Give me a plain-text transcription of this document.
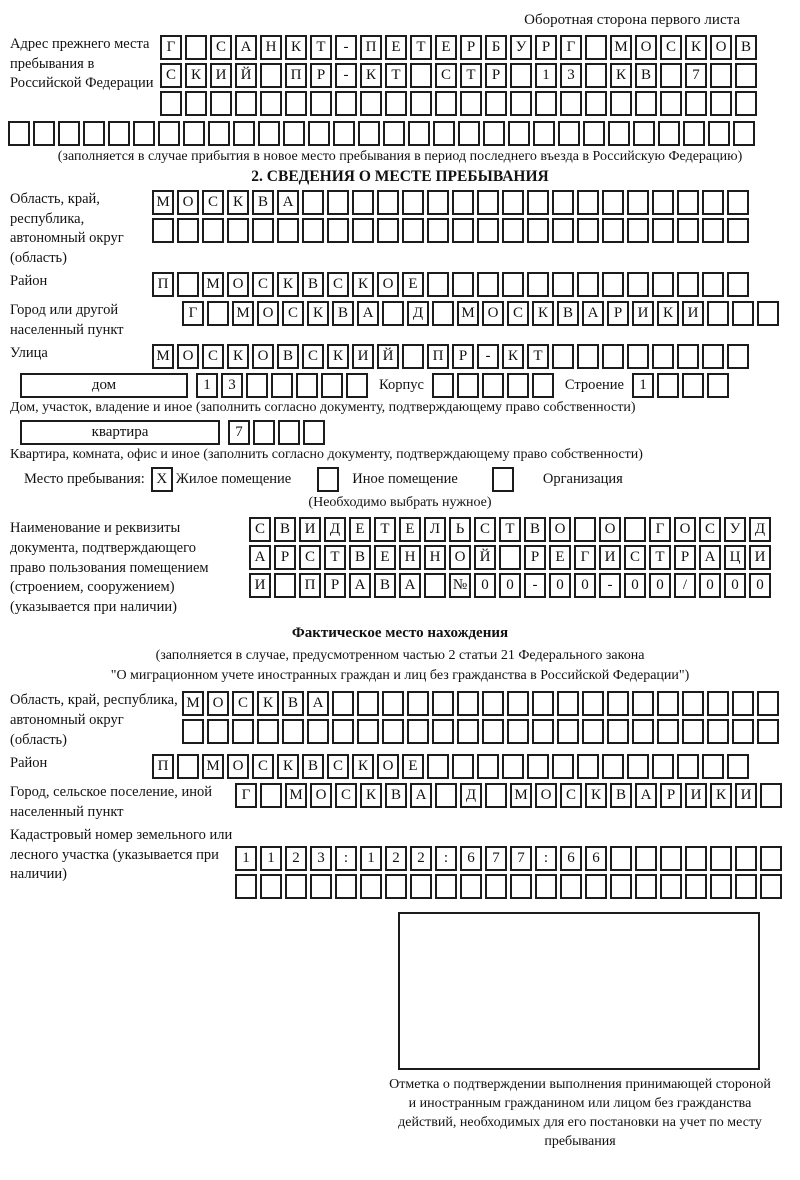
Оборотная сторона первого листа
Адрес прежнего места пребывания в Российской Федерации
Г	С А Н К	Т	-	П Е	Т	Е	Р	Б	У	Р	Г	М О С К О В
С К И Й	П	Р	-	К	Т	С	Т	Р	1	3	К В	7
(заполняется в случае прибытия в новое место пребывания в период последнего въезда в Российскую Федерацию)
2. СВЕДЕНИЯ О МЕСТЕ ПРЕБЫВАНИЯ
Область, край, республика, автономный округ (область)
М О С К В А
Район	П	М О С К В С К О Е
Город или другой населенный пункт
Г	М О С К В А	Д	М О С К В А	Р	И К И
Улица	М О С К О В С К И Й	П	Р	-	К	Т
дом	1	3	Корпус	Строение	1
Дом, участок, владение и иное (заполнить согласно документу, подтверждающему право собственности)
квартира	7
Квартира, комната, офис и иное (заполнить согласно документу, подтверждающему право собственности)
Место пребывания: X Жилое помещение	Иное помещение	Организация
(Необходимо выбрать нужное)
Наименование и реквизиты документа, подтверждающего право пользования помещением (строением, сооружением) (указывается при наличии)
С В И Д	Е	Т	Е	Л	Ь	С	Т	В О	О	Г	О С У Д
А	Р	С	Т	В	Е	Н Н О Й	Р	Е	Г	И С	Т	Р	А Ц И
И	П	Р	А В А	№ 0	0	-	0	0	-	0	0	/	0	0	0
Фактическое место нахождения
(заполняется в случае, предусмотренном частью 2 статьи 21 Федерального закона
"О миграционном учете иностранных граждан и лиц без гражданства в Российской Федерации")
Область, край, республика, автономный округ (область)
М О С К В А
Район	П	М О С К В С К О Е
Город, сельское поселение, иной населенный пункт
Г	М О С К В А	Д	М О С К В А	Р	И К И
Кадастровый номер земельного или лесного участка (указывается при наличии)
1	1	2	3	:	1	2	2	:	6	7	7	:	6	6
Отметка о подтверждении выполнения принимающей стороной и иностранным гражданином или лицом без гражданства действий, необходимых для его постановки на учет по месту пребывания
